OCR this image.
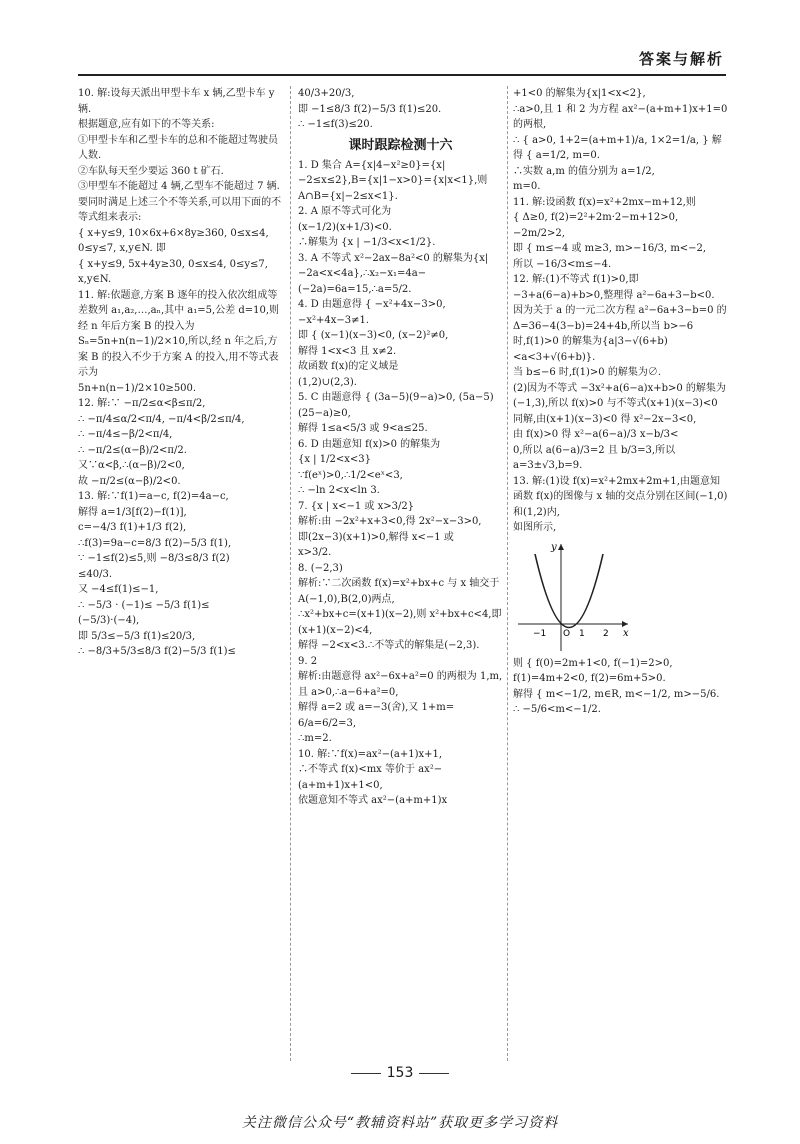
答案与解析
10. 解:设每天派出甲型卡车 x 辆,乙型卡车 y 辆.
根据题意,应有如下的不等关系:
①甲型卡车和乙型卡车的总和不能超过驾驶员人数.
②车队每天至少要运 360 t 矿石.
③甲型车不能超过 4 辆,乙型车不能超过 7 辆.
要同时满足上述三个不等关系,可以用下面的不等式组来表示:
{ x+y≤9, 10×6x+6×8y≥360, 0≤x≤4, 0≤y≤7, x,y∈N. 即
{ x+y≤9, 5x+4y≥30, 0≤x≤4, 0≤y≤7, x,y∈N.
11. 解:依题意,方案 B 逐年的投入依次组成等差数列 a₁,a₂,…,aₙ,其中 a₁=5,公差 d=10,则经 n 年后方案 B 的投入为 Sₙ=5n+n(n−1)/2×10,所以,经 n 年之后,方案 B 的投入不少于方案 A 的投入,用不等式表示为
5n+n(n−1)/2×10≥500.
12. 解:∵ −π/2≤α<β≤π/2,
∴ −π/4≤α/2<π/4, −π/4<β/2≤π/4,
∴ −π/4≤−β/2<π/4,
∴ −π/2≤(α−β)/2<π/2.
又∵α<β,∴(α−β)/2<0,
故 −π/2≤(α−β)/2<0.
13. 解:∵f(1)=a−c, f(2)=4a−c,
解得 a=1/3[f(2)−f(1)],
c=−4/3 f(1)+1/3 f(2),
∴f(3)=9a−c=8/3 f(2)−5/3 f(1),
∵ −1≤f(2)≤5,则 −8/3≤8/3 f(2)
≤40/3.
又 −4≤f(1)≤−1,
∴ −5/3 · (−1)≤ −5/3 f(1)≤
(−5/3)·(−4),
即 5/3≤−5/3 f(1)≤20/3,
∴ −8/3+5/3≤8/3 f(2)−5/3 f(1)≤
40/3+20/3,
即 −1≤8/3 f(2)−5/3 f(1)≤20.
∴ −1≤f(3)≤20.
课时跟踪检测十六
1. D 集合 A={x|4−x²≥0}={x|−2≤x≤2},B={x|1−x>0}={x|x<1},则 A∩B={x|−2≤x<1}.
2. A 原不等式可化为
(x−1/2)(x+1/3)<0.
∴解集为 {x | −1/3<x<1/2}.
3. A 不等式 x²−2ax−8a²<0 的解集为{x|−2a<x<4a},∴x₂−x₁=4a−(−2a)=6a=15,∴a=5/2.
4. D 由题意得 { −x²+4x−3>0, −x²+4x−3≠1.
即 { (x−1)(x−3)<0, (x−2)²≠0,
解得 1<x<3 且 x≠2.
故函数 f(x)的定义域是
(1,2)∪(2,3).
5. C 由题意得 { (3a−5)(9−a)>0, (5a−5)(25−a)≥0,
解得 1≤a<5/3 或 9<a≤25.
6. D 由题意知 f(x)>0 的解集为
{x | 1/2<x<3}
∵f(eˣ)>0,∴1/2<eˣ<3,
∴ −ln 2<x<ln 3.
7. {x | x<−1 或 x>3/2}
解析:由 −2x²+x+3<0,得 2x²−x−3>0,
即(2x−3)(x+1)>0,解得 x<−1 或
x>3/2.
8. (−2,3)
解析:∵二次函数 f(x)=x²+bx+c 与 x 轴交于 A(−1,0),B(2,0)两点,
∴x²+bx+c=(x+1)(x−2),则 x²+bx+c<4,即(x+1)(x−2)<4,
解得 −2<x<3.∴不等式的解集是(−2,3).
9. 2
解析:由题意得 ax²−6x+a²=0 的两根为 1,m,且 a>0,∴a−6+a²=0,
解得 a=2 或 a=−3(舍),又 1+m=
6/a=6/2=3,
∴m=2.
10. 解:∵f(x)=ax²−(a+1)x+1,
∴不等式 f(x)<mx 等价于 ax²−(a+m+1)x+1<0,
依题意知不等式 ax²−(a+m+1)x
+1<0 的解集为{x|1<x<2},
∴a>0,且 1 和 2 为方程 ax²−(a+m+1)x+1=0 的两根,
∴ { a>0, 1+2=(a+m+1)/a, 1×2=1/a, } 解得 { a=1/2, m=0.
∴实数 a,m 的值分别为 a=1/2,
m=0.
11. 解:设函数 f(x)=x²+2mx−m+12,则
{ Δ≥0, f(2)=2²+2m·2−m+12>0, −2m/2>2,
即 { m≤−4 或 m≥3, m>−16/3, m<−2,
所以 −16/3<m≤−4.
12. 解:(1)不等式 f(1)>0,即 −3+a(6−a)+b>0,整理得 a²−6a+3−b<0.
因为关于 a 的一元二次方程 a²−6a+3−b=0 的 Δ=36−4(3−b)=24+4b,所以当 b>−6 时,f(1)>0 的解集为{a|3−√(6+b)<a<3+√(6+b)}.
当 b≤−6 时,f(1)>0 的解集为∅.
(2)因为不等式 −3x²+a(6−a)x+b>0 的解集为(−1,3),所以 f(x)>0 与不等式(x+1)(x−3)<0 同解,由(x+1)(x−3)<0 得 x²−2x−3<0,
由 f(x)>0 得 x²−a(6−a)/3 x−b/3<
0,所以 a(6−a)/3=2 且 b/3=3,所以
a=3±√3,b=9.
13. 解:(1)设 f(x)=x²+2mx+2m+1,由题意知函数 f(x)的图像与 x 轴的交点分别在区间(−1,0)和(1,2)内,
如图所示,
y
x
−1 O 1 2
则 { f(0)=2m+1<0, f(−1)=2>0, f(1)=4m+2<0, f(2)=6m+5>0.
解得 { m<−1/2, m∈R, m<−1/2, m>−5/6.
∴ −5/6<m<−1/2.
153
关注微信公众号“教辅资料站”获取更多学习资料
